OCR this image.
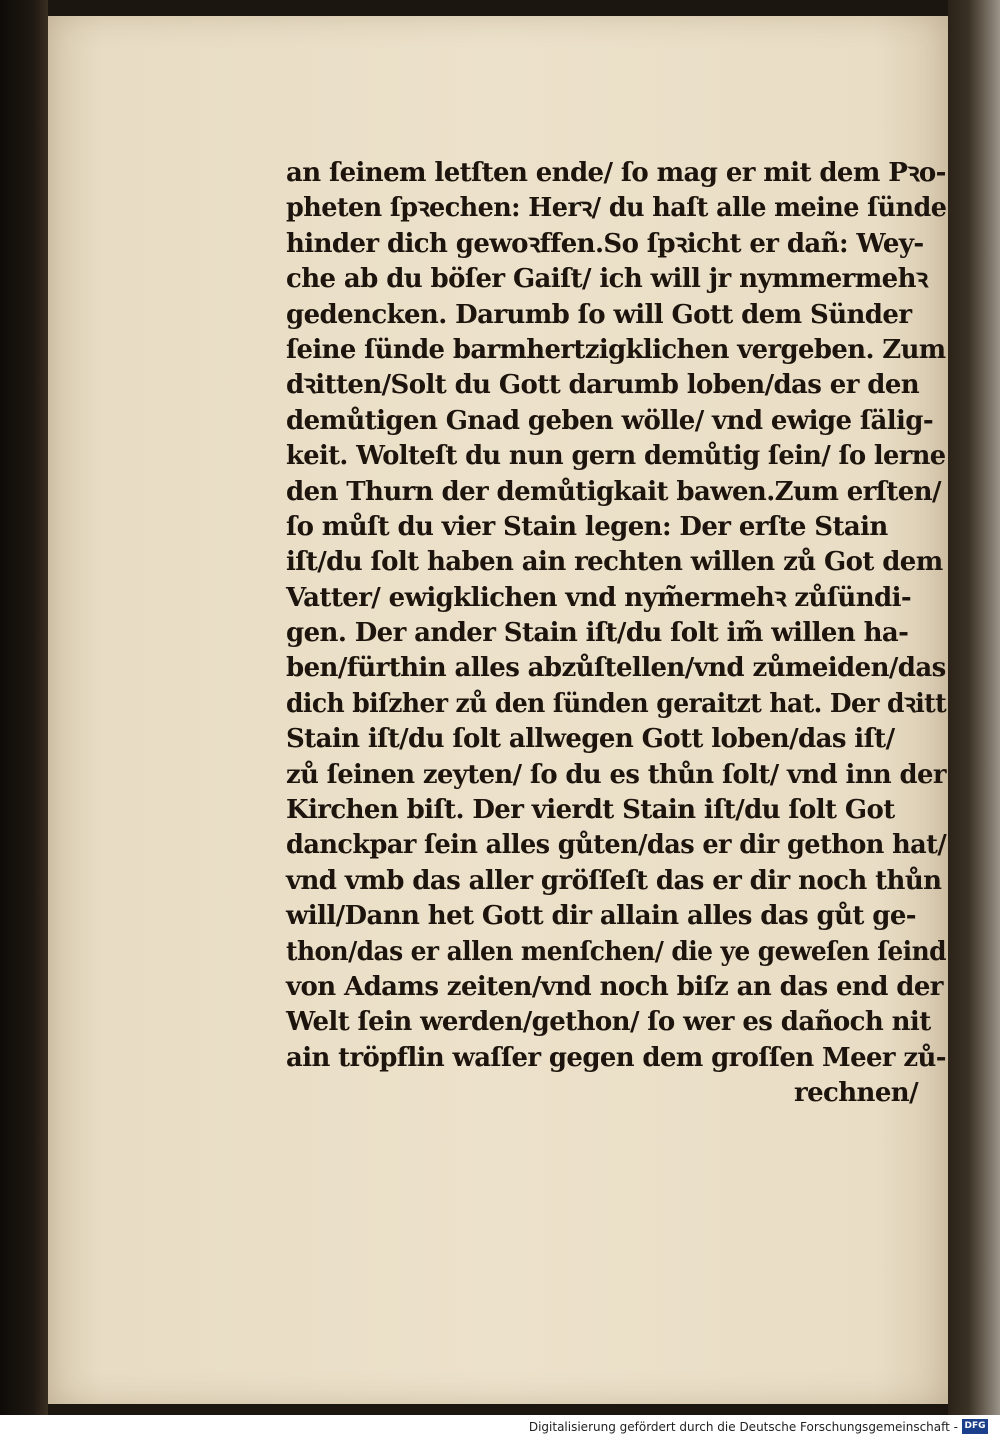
an ſeinem letſten ende/ ſo mag er mit dem Pꝛo-
pheten ſpꝛechen: Herꝛ/ du haſt alle meine ſünde
hinder dich gewoꝛffen.So ſpꝛicht er dañ: Wey-
che ab du böſer Gaiſt/ ich will jr nymmermehꝛ
gedencken. Darumb ſo will Gott dem Sünder
ſeine ſünde barmhertzigklichen vergeben. Zum
dꝛitten/Solt du Gott darumb loben/das er den
demůtigen Gnad geben wölle/ vnd ewige ſälig-
keit. Wolteſt du nun gern demůtig ſein/ ſo lerne
den Thurn der demůtigkait bawen.Zum erſten/
ſo můſt du vier Stain legen: Der erſte Stain
iſt/du ſolt haben ain rechten willen zů Got dem
Vatter/ ewigklichen vnd nym̃ermehꝛ zůſündi-
gen. Der ander Stain iſt/du ſolt im̃ willen ha-
ben/fürthin alles abzůſtellen/vnd zůmeiden/das
dich biſzher zů den ſünden geraitzt hat. Der dꝛitt
Stain iſt/du ſolt allwegen Gott loben/das iſt/
zů ſeinen zeyten/ ſo du es thůn ſolt/ vnd inn der
Kirchen biſt. Der vierdt Stain iſt/du ſolt Got
danckpar ſein alles gůten/das er dir gethon hat/
vnd vmb das aller gröſſeſt das er dir noch thůn
will/Dann het Gott dir allain alles das gůt ge-
thon/das er allen menſchen/ die ye geweſen ſeind
von Adams zeiten/vnd noch biſz an das end der
Welt ſein werden/gethon/ ſo wer es dañoch nit
ain tröpflin waſſer gegen dem groſſen Meer zů-
rechnen/
Digitalisierung gefördert durch die Deutsche Forschungsgemeinschaft - DFG
